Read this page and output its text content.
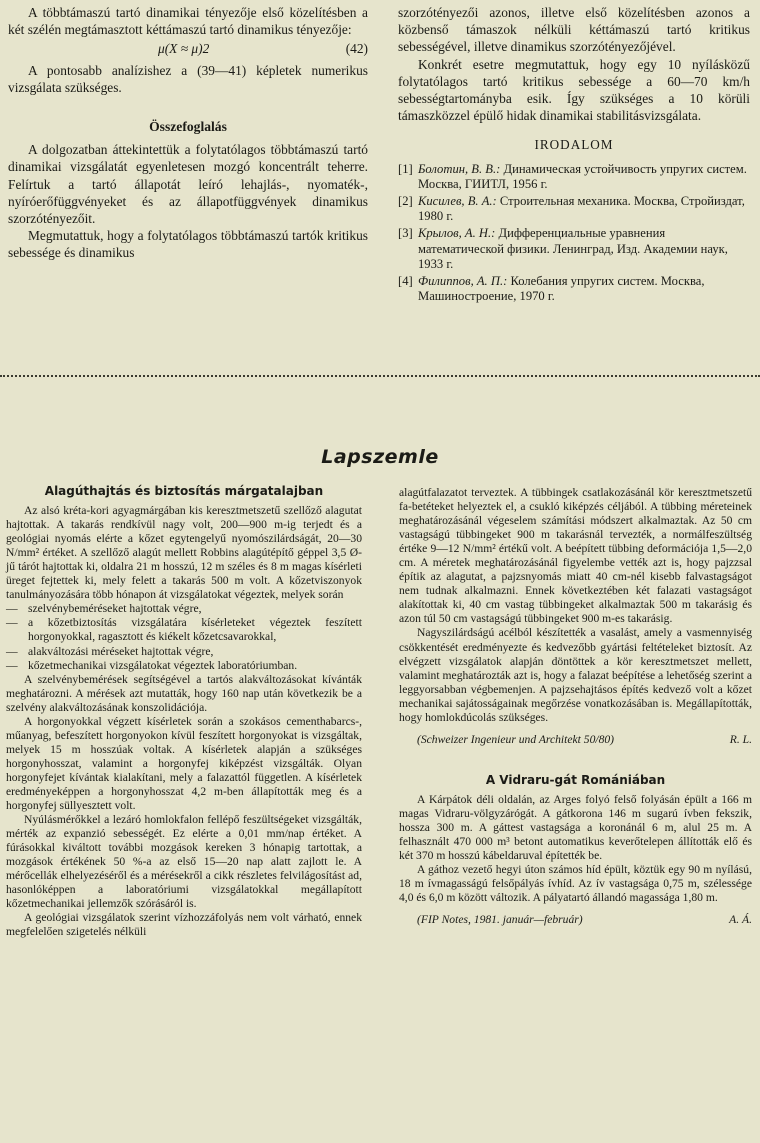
A többtámaszú tartó dinamikai tényezője első közelítésben a két szélén megtámasztott kéttámaszú tartó dinamikus tényezője:

μ(X ≈ μ)2	(42)

A pontosabb analízishez a (39—41) képletek numerikus vizsgálata szükséges.

Összefoglalás

A dolgozatban áttekintettük a folytatólagos többtámaszú tartó dinamikai vizsgálatát egyenletesen mozgó koncentrált teherre. Felírtuk a tartó állapotát leíró lehajlás-, nyomaték-, nyíróerőfüggvényeket és az állapotfüggvények dinamikus szorzótényezőit.

Megmutattuk, hogy a folytatólagos többtámaszú tartók kritikus sebessége és dinamikus

szorzótényezői azonos, illetve első közelítésben azonos a közbenső támaszok nélküli kéttámaszú tartó kritikus sebességével, illetve dinamikus szorzótényezőjével.

Konkrét esetre megmutattuk, hogy egy 10 nyílásközű folytatólagos tartó kritikus sebessége a 60—70 km/h sebességtartományba esik. Így szükséges a 10 körüli támaszközzel épülő hidak dinamikai stabilitásvizsgálata.

IRODALOM
[1] Болотин, В. В.: Динамическая устойчивость упругих систем. Москва, ГИИТЛ, 1956 г.
[2] Кисилев, В. А.: Строительная механика. Москва, Стройиздат, 1980 г.
[3] Крылов, А. Н.: Дифференциальные уравнения математической физики. Ленинград, Изд. Академии наук, 1933 г.
[4] Филиппов, А. П.: Колебания упругих систем. Москва, Машиностроение, 1970 г.
Lapszemle
Alagúthajtás és biztosítás márgatalajban

Az alsó kréta-kori agyagmárgában kis keresztmetszetű szellőző alagutat hajtottak. A takarás rendkívül nagy volt, 200—900 m-ig terjedt és a geológiai nyomás elérte a kőzet egytengelyű nyomószilárdságát, 20—30 N/mm² értéket. A szellőző alagút mellett Robbins alagútépítő géppel 3,5 Ø-jű tárót hajtottak ki, oldalra 21 m hosszú, 12 m széles és 8 m magas kísérleti üreget fejtettek ki, mely felett a takarás 500 m volt. A kőzetviszonyok tanulmányozására több hónapon át vizsgálatokat végeztek, melyek során

— szelvénybeméréseket hajtottak végre,
— a kőzetbiztosítás vizsgálatára kísérleteket végeztek feszített horgonyokkal, ragasztott és kiékelt kőzetcsavarokkal,
— alakváltozási méréseket hajtottak végre,
— kőzetmechanikai vizsgálatokat végeztek laboratóriumban.

A szelvénybemérések segítségével a tartós alakváltozásokat kívánták meghatározni. A mérések azt mutatták, hogy 160 nap után következik be a szelvény alakváltozásának konszolidációja.

A horgonyokkal végzett kísérletek során a szokásos cementhabarcs-, műanyag, befeszített horgonyokon kívül feszített horgonyokat is vizsgáltak, melyek 15 m hosszúak voltak. A kísérletek alapján a szükséges horgonyhosszat, valamint a horgonyfej kiképzést vizsgálták. Olyan horgonyfejet kívántak kialakítani, mely a falazattól független. A kísérletek eredményeképpen a horgonyhosszat 4,2 m-ben állapították meg és a horgonyfej süllyesztett volt.

Nyúlásmérőkkel a lezáró homlokfalon fellépő feszültségeket vizsgálták, mérték az expanzió sebességét. Ez elérte a 0,01 mm/nap értéket. A fúrásokkal kiváltott további mozgások kereken 3 hónapig tartottak, a mozgások értékének 50 %-a az első 15—20 nap alatt zajlott le. A mérőcellák elhelyezéséről és a mérésekről a cikk részletes felvilágosítást ad, hasonlóképpen a laboratóriumi vizsgálatokkal megállapított kőzetmechanikai jellemzők szórásáról is.

A geológiai vizsgálatok szerint vízhozzáfolyás nem volt várható, ennek megfelelően szigetelés nélküli

alagútfalazatot terveztek. A tübbingek csatlakozásánál kör keresztmetszetű fa-betéteket helyeztek el, a csukló kiképzés céljából. A tübbing méreteinek meghatározásánál végeselem számítási módszert alkalmaztak. Az 50 cm vastagságú tübbingeket 900 m takarásnál tervezték, a normálfeszültség értéke 9—12 N/mm² értékű volt. A beépített tübbing deformációja 1,5—2,0 cm. A méretek meghatározásánál figyelembe vették azt is, hogy pajzzsal építik az alagutat, a pajzsnyomás miatt 40 cm-nél kisebb falvastagságot nem tudnak alkalmazni. Ennek következtében két falazati vastagságot alakítottak ki, 40 cm vastag tübbingeket alkalmaztak 500 m takarásig és azon túl 50 cm vastagságú tübbingeket 900 m-es takarásig.

Nagyszilárdságú acélból készítették a vasalást, amely a vasmennyiség csökkentését eredményezte és kedvezőbb gyártási feltételeket biztosít. Az elvégzett vizsgálatok alapján döntöttek a kör keresztmetszet mellett, valamint meghatározták azt is, hogy a falazat beépítése a lehetőség szerint a leggyorsabban végbemenjen. A pajzsehajtásos építés kedvező volt a kőzet mechanikai sajátosságainak megőrzése vonatkozásában is. Megállapították, hogy homlokdúcolás szükséges.

(Schweizer Ingenieur und Architekt 50/80)	R. L.
A Vidraru-gát Romániában

A Kárpátok déli oldalán, az Arges folyó felső folyásán épült a 166 m magas Vidraru-völgyzárógát. A gátkorona 146 m sugarú ívben fekszik, hossza 300 m. A gáttest vastagsága a koronánál 6 m, alul 25 m. A felhasznált 470 000 m³ betont automatikus keverőtelepen állították elő és két 370 m hosszú kábeldaruval építették be.

A gáthoz vezető hegyi úton számos híd épült, köztük egy 90 m nyílású, 18 m ívmagasságú felsőpályás ívhíd. Az ív vastagsága 0,75 m, szélessége 4,0 és 6,0 m között változik. A pályatartó állandó magassága 1,80 m.

(FIP Notes, 1981. január—február)	A. Á.
